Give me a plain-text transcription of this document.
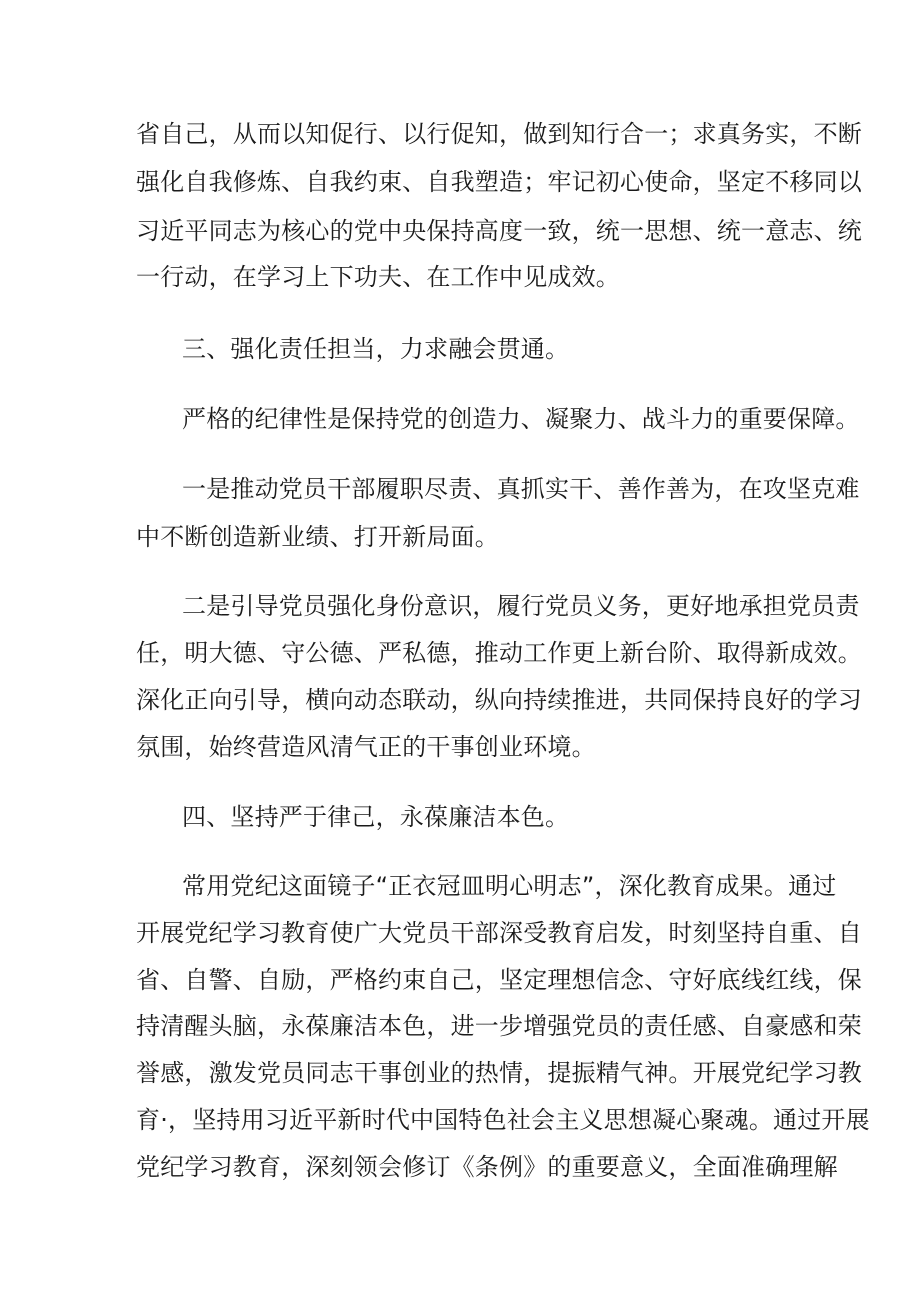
省自己，从而以知促行、以行促知，做到知行合一；求真务实，不断
强化自我修炼、自我约束、自我塑造；牢记初心使命，坚定不移同以
习近平同志为核心的党中央保持高度一致，统一思想、统一意志、统
一行动，在学习上下功夫、在工作中见成效。
三、强化责任担当，力求融会贯通。
严格的纪律性是保持党的创造力、凝聚力、战斗力的重要保障。
一是推动党员干部履职尽责、真抓实干、善作善为，在攻坚克难
中不断创造新业绩、打开新局面。
二是引导党员强化身份意识，履行党员义务，更好地承担党员责
任，明大德、守公德、严私德，推动工作更上新台阶、取得新成效。
深化正向引导，横向动态联动，纵向持续推进，共同保持良好的学习
氛围，始终营造风清气正的干事创业环境。
四、坚持严于律己，永葆廉洁本色。
常用党纪这面镜子“正衣冠皿明心明志”，深化教育成果。通过
开展党纪学习教育使广大党员干部深受教育启发，时刻坚持自重、自
省、自警、自励，严格约束自己，坚定理想信念、守好底线红线，保
持清醒头脑，永葆廉洁本色，进一步增强党员的责任感、自豪感和荣
誉感，激发党员同志干事创业的热情，提振精气神。开展党纪学习教
育·，坚持用习近平新时代中国特色社会主义思想凝心聚魂。通过开展
党纪学习教育，深刻领会修订《条例》的重要意义，全面准确理解
